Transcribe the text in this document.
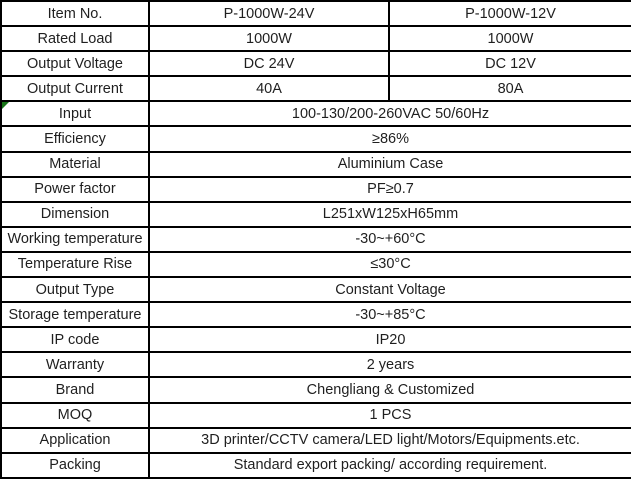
Item No.	P-1000W-24V	P-1000W-12V
Rated Load	1000W	1000W
Output Voltage	DC 24V	DC 12V
Output Current	40A	80A

Input	100-130/200-260VAC 50/60Hz	
Efficiency	≥86%	
Material	Aluminium Case	
Power factor	PF≥0.7	
Dimension	L251xW125xH65mm	
Working temperature	-30~+60°C	
Temperature Rise	≤30°C	
Output Type	Constant Voltage	
Storage temperature	-30~+85°C	
IP code	IP20	
Warranty	2 years	
Brand	Chengliang & Customized	
MOQ	1 PCS	
Application	3D printer/CCTV camera/LED light/Motors/Equipments.etc.	
Packing	Standard export packing/ according requirement.	
